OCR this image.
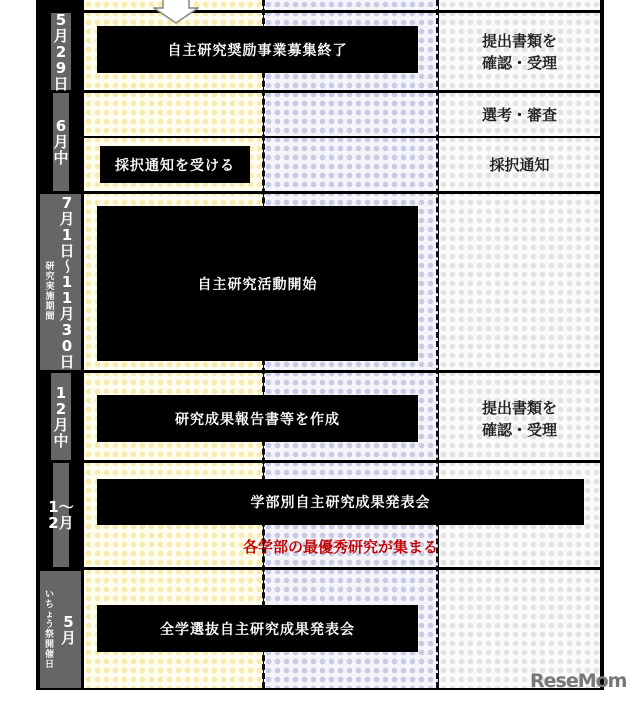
5月29日
自主研究奨励事業募集終了
提出書類を
確認・受理
6月中
選考・審査
採択通知を受ける	採択通知
研究実施期間
7月1日
〜
11月30日
自主研究活動開始
12月中
研究成果報告書等を作成
提出書類を
確認・受理
1〜2月
学部別自主研究成果発表会
各学部の最優秀研究が集まる
いちょう祭開催日
5月	全学選抜自主研究成果発表会
ReseMom
